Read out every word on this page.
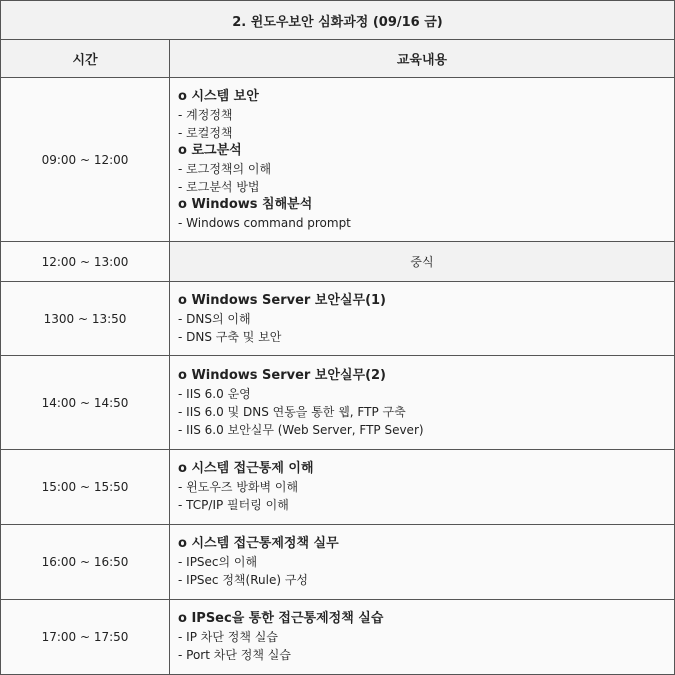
2. 윈도우보안 심화과정 (09/16 금)
시간	교육내용
09:00 ~ 12:00
o 시스템 보안
- 계정정책
- 로컬정책
o 로그분석
- 로그정책의 이해
- 로그분석 방법
o Windows 침해분석
- Windows command prompt
12:00 ~ 13:00	중식
1300 ~ 13:50
o Windows Server 보안실무(1)
- DNS의 이해
- DNS 구축 및 보안
14:00 ~ 14:50
o Windows Server 보안실무(2)
- IIS 6.0 운영
- IIS 6.0 및 DNS 연동을 통한 웹, FTP 구축
- IIS 6.0 보안실무 (Web Server, FTP Sever)
15:00 ~ 15:50
o 시스템 접근통제 이해
- 윈도우즈 방화벽 이해
- TCP/IP 필터링 이해
16:00 ~ 16:50
o 시스템 접근통제정책 실무
- IPSec의 이해
- IPSec 정책(Rule) 구성
17:00 ~ 17:50
o IPSec을 통한 접근통제정책 실습
- IP 차단 정책 실습
- Port 차단 정책 실습
